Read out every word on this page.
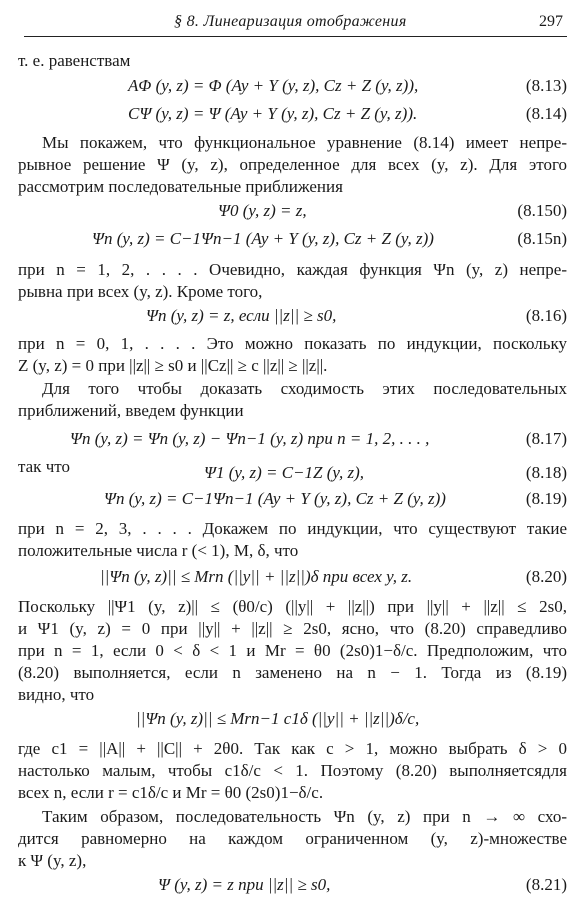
§ 8. Линеаризация отображения	297
т. е. равенствам
AΦ (y, z) = Φ (Ay + Y (y, z), Cz + Z (y, z)),	(8.13)
CΨ (y, z) = Ψ (Ay + Y (y, z), Cz + Z (y, z)).	(8.14)
Мы покажем, что функциональное уравнение (8.14) имеет непре-
рывное решение Ψ (y, z), определенное для всех (y, z). Для этого
рассмотрим последовательные приближения
Ψ0 (y, z) = z,	(8.150)
Ψn (y, z) = C−1Ψn−1 (Ay + Y (y, z), Cz + Z (y, z))	(8.15n)
при n = 1, 2, . . . . Очевидно, каждая функция Ψn (y, z) непре-
рывна при всех (y, z). Кроме того,
Ψn (y, z) = z, если ||z|| ≥ s0,	(8.16)
при n = 0, 1, . . . . Это можно показать по индукции, поскольку
Z (y, z) = 0 при ||z|| ≥ s0 и ||Cz|| ≥ c ||z|| ≥ ||z||.
Для того чтобы доказать сходимость этих последовательных
приближений, введем функции
Ψn (y, z) = Ψn (y, z) − Ψn−1 (y, z) при n = 1, 2, . . . ,	(8.17)
так что	Ψ1 (y, z) = C−1Z (y, z),	(8.18)
Ψn (y, z) = C−1Ψn−1 (Ay + Y (y, z), Cz + Z (y, z))	(8.19)
при n = 2, 3, . . . . Докажем по индукции, что существуют такие
положительные числа r (< 1), M, δ, что
||Ψn (y, z)|| ≤ Mrn (||y|| + ||z||)δ при всех y, z.	(8.20)
Поскольку ||Ψ1 (y, z)|| ≤ (θ0/c) (||y|| + ||z||) при ||y|| + ||z|| ≤ 2s0,
и Ψ1 (y, z) = 0 при ||y|| + ||z|| ≥ 2s0, ясно, что (8.20) справедливо
при n = 1, если 0 < δ < 1 и Mr = θ0 (2s0)1−δ/c. Предположим, что
(8.20) выполняется, если n заменено на n − 1. Тогда из (8.19)
видно, что
||Ψn (y, z)|| ≤ Mrn−1 c1δ (||y|| + ||z||)δ/c,
где c1 = ||A|| + ||C|| + 2θ0. Так как c > 1, можно выбрать δ > 0
настолько малым, чтобы c1δ/c < 1. Поэтому (8.20) выполняетсядля
всех n, если r = c1δ/c и Mr = θ0 (2s0)1−δ/c.
Таким образом, последовательность Ψn (y, z) при n → ∞ схо-
дится равномерно на каждом ограниченном (y, z)-множестве
к Ψ (y, z),
Ψ (y, z) = z при ||z|| ≥ s0,	(8.21)
